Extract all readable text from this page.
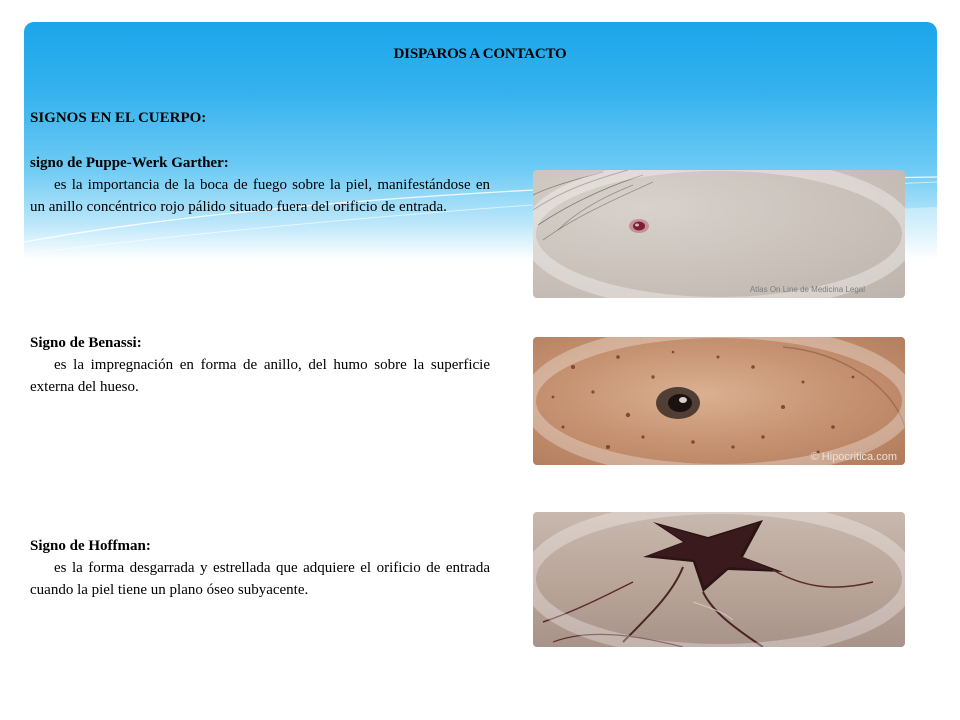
DISPAROS A CONTACTO
SIGNOS EN EL CUERPO:
signo de Puppe-Werk Garther:
es la importancia de la boca de fuego sobre la piel, manifestándose en un anillo concéntrico rojo pálido situado fuera del orificio de entrada.
Signo de Benassi:
es la impregnación en forma de anillo, del humo sobre la superficie externa del hueso.
Signo de Hoffman:
es la forma desgarrada y estrellada que adquiere el orificio de entrada cuando la piel tiene un plano óseo subyacente.
Atlas On Line de Medicina Legal
© Hipocritica.com
